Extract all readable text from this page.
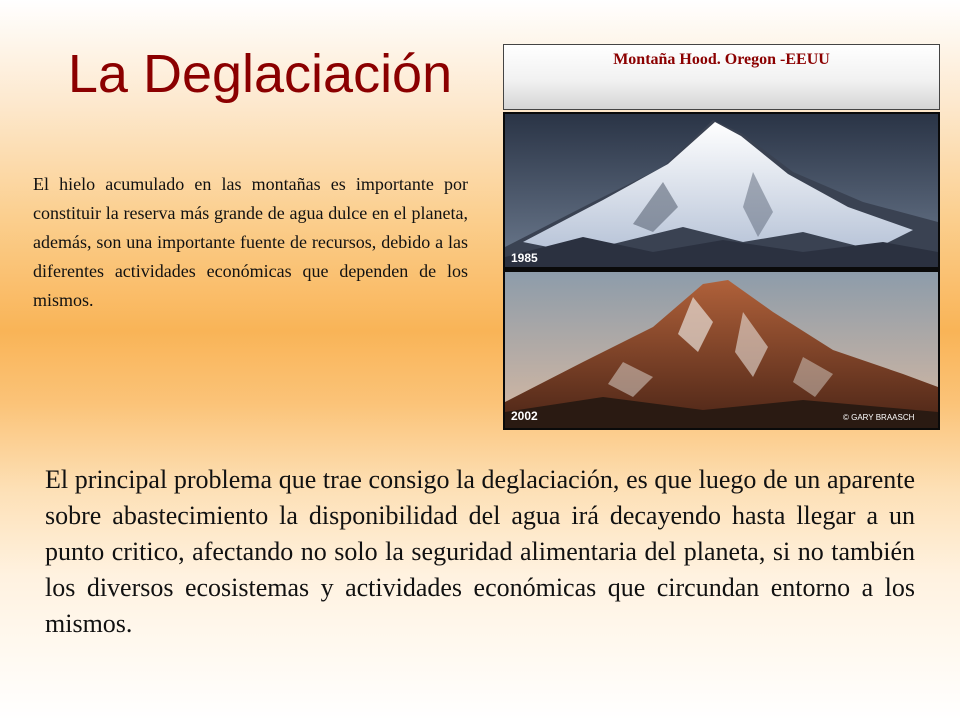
La Deglaciación

El hielo acumulado en las montañas es importante por constituir la reserva más grande de agua dulce en el planeta, además, son una importante fuente de recursos, debido a las diferentes actividades económicas que dependen de los mismos.

Montaña Hood. Oregon -EEUU
1985
2002	© GARY BRAASCH

El principal problema que trae consigo la deglaciación, es que luego de un aparente sobre abastecimiento la disponibilidad del agua irá decayendo hasta llegar a un punto critico, afectando no solo la seguridad alimentaria del planeta, si no también los diversos ecosistemas y actividades económicas que circundan entorno a los mismos.
